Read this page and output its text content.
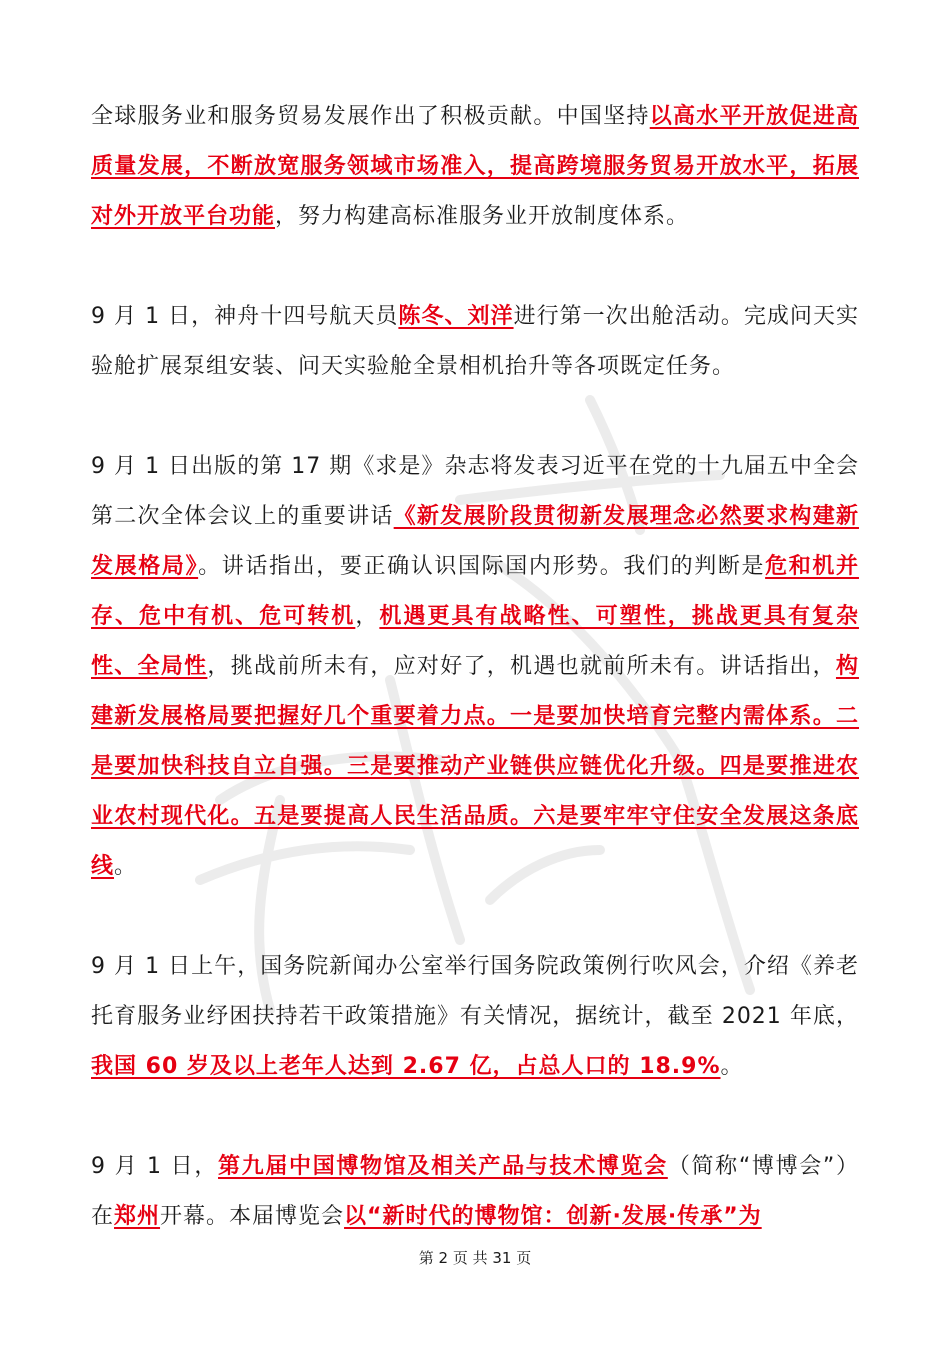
全球服务业和服务贸易发展作出了积极贡献。中国坚持以高水平开放促进高质量发展，不断放宽服务领域市场准入，提高跨境服务贸易开放水平，拓展对外开放平台功能，努力构建高标准服务业开放制度体系。

9 月 1 日，神舟十四号航天员陈冬、刘洋进行第一次出舱活动。完成问天实验舱扩展泵组安装、问天实验舱全景相机抬升等各项既定任务。

9 月 1 日出版的第 17 期《求是》杂志将发表习近平在党的十九届五中全会第二次全体会议上的重要讲话《新发展阶段贯彻新发展理念必然要求构建新发展格局》。讲话指出，要正确认识国际国内形势。我们的判断是危和机并存、危中有机、危可转机，机遇更具有战略性、可塑性，挑战更具有复杂性、全局性，挑战前所未有，应对好了，机遇也就前所未有。讲话指出，构建新发展格局要把握好几个重要着力点。一是要加快培育完整内需体系。二是要加快科技自立自强。三是要推动产业链供应链优化升级。四是要推进农业农村现代化。五是要提高人民生活品质。六是要牢牢守住安全发展这条底线。

9 月 1 日上午，国务院新闻办公室举行国务院政策例行吹风会，介绍《养老托育服务业纾困扶持若干政策措施》有关情况，据统计，截至 2021 年底，我国 60 岁及以上老年人达到 2.67 亿，占总人口的 18.9%。

9 月 1 日，第九届中国博物馆及相关产品与技术博览会（简称“博博会”）在郑州开幕。本届博览会以“新时代的博物馆：创新·发展·传承”为

第 2 页 共 31 页
